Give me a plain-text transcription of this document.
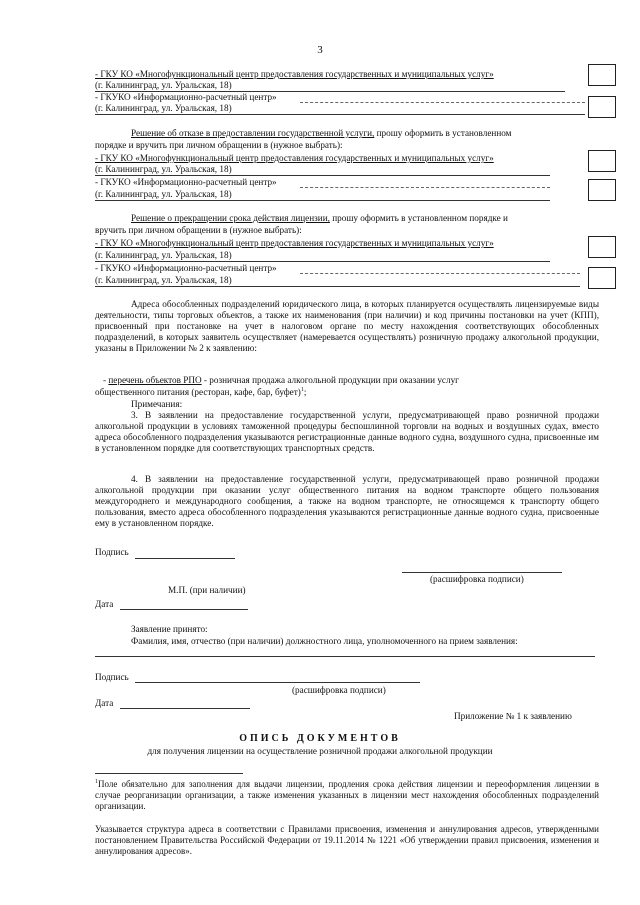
3
- ГКУ КО «Многофункциональный центр предоставления государственных и муниципальных услуг»
(г. Калининград, ул. Уральская, 18)
- ГКУКО «Информационно-расчетный центр»
(г. Калининград, ул. Уральская, 18)
Решение об отказе в предоставлении государственной услуги, прошу оформить в установленном
порядке и вручить при личном обращении в (нужное выбрать):
- ГКУ КО «Многофункциональный центр предоставления государственных и муниципальных услуг»
(г. Калининград, ул. Уральская, 18)
- ГКУКО «Информационно-расчетный центр»
(г. Калининград, ул. Уральская, 18)
Решение о прекращении срока действия лицензии, прошу оформить в установленном порядке и
вручить при личном обращении в (нужное выбрать):
- ГКУ КО «Многофункциональный центр предоставления государственных и муниципальных услуг»
(г. Калининград, ул. Уральская, 18)
- ГКУКО «Информационно-расчетный центр»
(г. Калининград, ул. Уральская, 18)

Адреса обособленных подразделений юридического лица, в которых планируется осуществлять лицензируемые виды деятельности, типы торговых объектов, а также их наименования (при наличии) и код причины постановки на учет (КПП), присвоенный при постановке на учет в налоговом органе по месту нахождения соответствующих обособленных подразделений, в которых заявитель осуществляет (намеревается осуществлять) розничную продажу алкогольной продукции, указаны в Приложении № 2 к заявлению:

- перечень объектов РПО - розничная продажа алкогольной продукции при оказании услуг
общественного питания (ресторан, кафе, бар, буфет)$^1$;
Примечания:

3. В заявлении на предоставление государственной услуги, предусматривающей право розничной продажи алкогольной продукции в условиях таможенной процедуры беспошлинной торговли на водных и воздушных судах, вместо адреса обособленного подразделения указываются регистрационные данные водного судна, воздушного судна, присвоенные им в установленном порядке для соответствующих транспортных средств.

4. В заявлении на предоставление государственной услуги, предусматривающей право розничной продажи алкогольной продукции при оказании услуг общественного питания на водном транспорте общего пользования междугороднего и международного сообщения, а также на водном транспорте, не относящемся к транспорту общего пользования, вместо адреса обособленного подразделения указываются регистрационные данные водного судна, присвоенные ему в установленном порядке.

Подпись
(расшифровка подписи)
М.П. (при наличии)
Дата
Заявление принято:
Фамилия, имя, отчество (при наличии) должностного лица, уполномоченного на прием заявления:
Подпись
(расшифровка подписи)
Дата
Приложение № 1 к заявлению
ОПИСЬ ДОКУМЕНТОВ
для получения лицензии на осуществление розничной продажи алкогольной продукции

$^1$Поле обязательно для заполнения для выдачи лицензии, продления срока действия лицензии и переоформления лицензии в случае реорганизации организации, а также изменения указанных в лицензии мест нахождения обособленных подразделений организации.

Указывается структура адреса в соответствии с Правилами присвоения, изменения и аннулирования адресов, утвержденными постановлением Правительства Российской Федерации от 19.11.2014 № 1221 «Об утверждении правил присвоения, изменения и аннулирования адресов».
